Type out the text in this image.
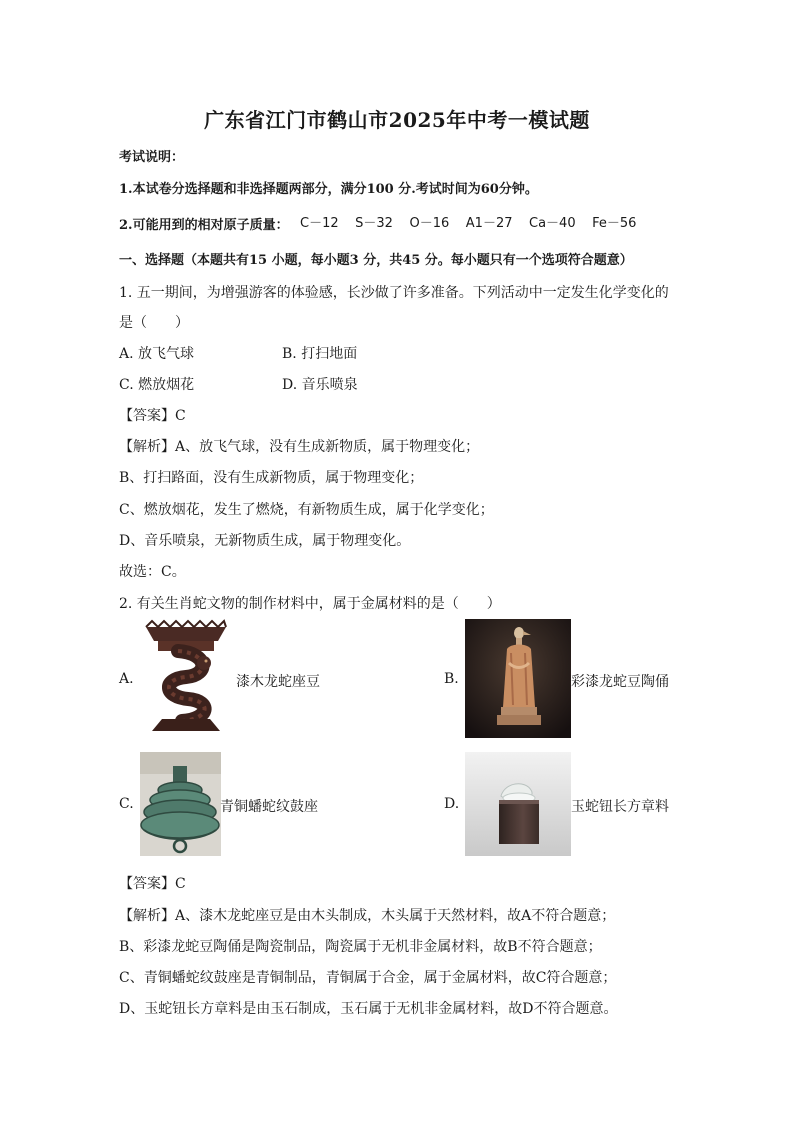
广东省江门市鹤山市2025年中考一模试题
考试说明：
1.本试卷分选择题和非选择题两部分，满分100 分.考试时间为60分钟。
2.可能用到的相对原子质量： C－12    S－32    O－16    A1－27    Ca－40    Fe－56
一、选择题（本题共有15 小题，每小题3 分，共45 分。每小题只有一个选项符合题意）
1. 五一期间，为增强游客的体验感，长沙做了许多准备。下列活动中一定发生化学变化的
是（　　）
A. 放飞气球	B. 打扫地面
C. 燃放烟花	D. 音乐喷泉
【答案】C
【解析】A、放飞气球，没有生成新物质，属于物理变化；
B、打扫路面，没有生成新物质，属于物理变化；
C、燃放烟花，发生了燃烧，有新物质生成，属于化学变化；
D、音乐喷泉，无新物质生成，属于物理变化。
故选：C。
2. 有关生肖蛇文物的制作材料中，属于金属材料的是（　　）
A.	漆木龙蛇座豆	B.	彩漆龙蛇豆陶俑
C.	青铜蟠蛇纹鼓座	D.	玉蛇钮长方章料
【答案】C
【解析】A、漆木龙蛇座豆是由木头制成，木头属于天然材料，故A不符合题意；
B、彩漆龙蛇豆陶俑是陶瓷制品，陶瓷属于无机非金属材料，故B不符合题意；
C、青铜蟠蛇纹鼓座是青铜制品，青铜属于合金，属于金属材料，故C符合题意；
D、玉蛇钮长方章料是由玉石制成，玉石属于无机非金属材料，故D不符合题意。
